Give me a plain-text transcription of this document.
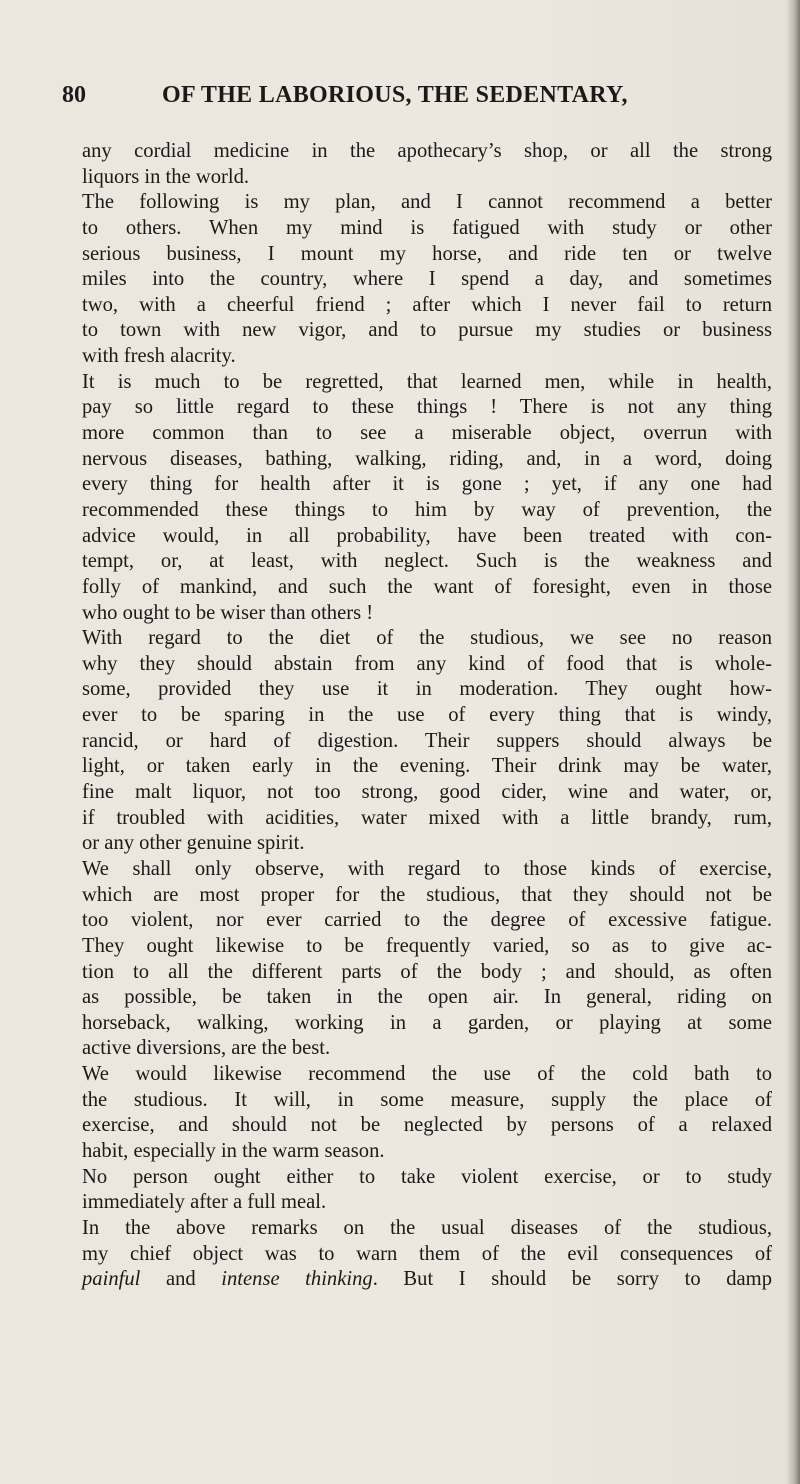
80	OF THE LABORIOUS, THE SEDENTARY,
any cordial medicine in the apothecary’s shop, or all the strong
liquors in the world.
The following is my plan, and I cannot recommend a better
to others. When my mind is fatigued with study or other
serious business, I mount my horse, and ride ten or twelve
miles into the country, where I spend a day, and sometimes
two, with a cheerful friend ; after which I never fail to return
to town with new vigor, and to pursue my studies or business
with fresh alacrity.
It is much to be regretted, that learned men, while in health,
pay so little regard to these things ! There is not any thing
more common than to see a miserable object, overrun with
nervous diseases, bathing, walking, riding, and, in a word, doing
every thing for health after it is gone ; yet, if any one had
recommended these things to him by way of prevention, the
advice would, in all probability, have been treated with con-
tempt, or, at least, with neglect. Such is the weakness and
folly of mankind, and such the want of foresight, even in those
who ought to be wiser than others !
With regard to the diet of the studious, we see no reason
why they should abstain from any kind of food that is whole-
some, provided they use it in moderation. They ought how-
ever to be sparing in the use of every thing that is windy,
rancid, or hard of digestion. Their suppers should always be
light, or taken early in the evening. Their drink may be water,
fine malt liquor, not too strong, good cider, wine and water, or,
if troubled with acidities, water mixed with a little brandy, rum,
or any other genuine spirit.
We shall only observe, with regard to those kinds of exercise,
which are most proper for the studious, that they should not be
too violent, nor ever carried to the degree of excessive fatigue.
They ought likewise to be frequently varied, so as to give ac-
tion to all the different parts of the body ; and should, as often
as possible, be taken in the open air. In general, riding on
horseback, walking, working in a garden, or playing at some
active diversions, are the best.
We would likewise recommend the use of the cold bath to
the studious. It will, in some measure, supply the place of
exercise, and should not be neglected by persons of a relaxed
habit, especially in the warm season.
No person ought either to take violent exercise, or to study
immediately after a full meal.
In the above remarks on the usual diseases of the studious,
my chief object was to warn them of the evil consequences of
painful and intense thinking. But I should be sorry to damp
